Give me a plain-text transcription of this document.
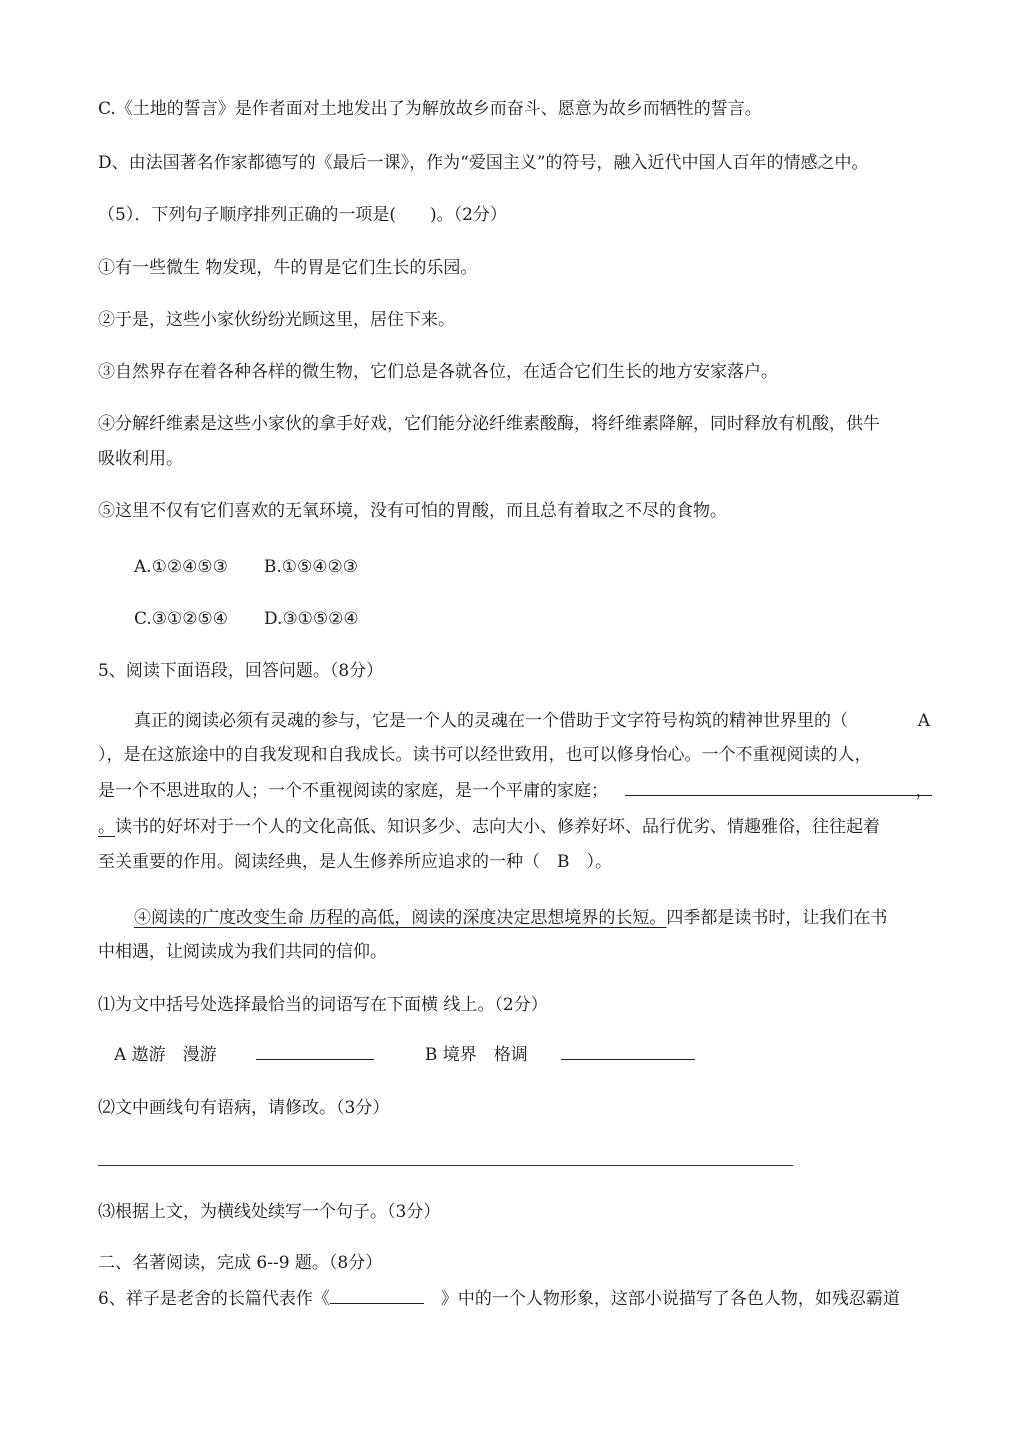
C.《土地的誓言》是作者面对土地发出了为解放故乡而奋斗、愿意为故乡而牺牲的誓言。
D、由法国著名作家都德写的《最后一课》，作为“爱国主义”的符号，融入近代中国人百年的情感之中。
（5）．下列句子顺序排列正确的一项是(　　)。（2分）
①有一些微生 物发现，牛的胃是它们生长的乐园。
②于是，这些小家伙纷纷光顾这里，居住下来。
③自然界存在着各种各样的微生物，它们总是各就各位，在适合它们生长的地方安家落户。
④分解纤维素是这些小家伙的拿手好戏，它们能分泌纤维素酸酶，将纤维素降解，同时释放有机酸，供牛
吸收利用。
⑤这里不仅有它们喜欢的无氧环境，没有可怕的胃酸，而且总有着取之不尽的食物。
A.①②④⑤③ B.①⑤④②③
C.③①②⑤④ D.③①⑤②④
5、阅读下面语段，回答问题。（8分）
真正的阅读必须有灵魂的参与，它是一个人的灵魂在一个借助于文字符号构筑的精神世界里的（	A
），是在这旅途中的自我发现和自我成长。读书可以经世致用，也可以修身怡心。一个不重视阅读的人，
是一个不思进取的人；一个不重视阅读的家庭，是一个平庸的家庭；	，
。读书的好坏对于一个人的文化高低、知识多少、志向大小、修养好坏、品行优劣、情趣雅俗，往往起着
至关重要的作用。阅读经典，是人生修养所应追求的一种（　B　）。
④阅读的广度改变生命 历程的高低，阅读的深度决定思想境界的长短。四季都是读书时，让我们在书
中相遇，让阅读成为我们共同的信仰。
⑴为文中括号处选择最恰当的词语写在下面横 线上。（2分）
A 遨游　漫游	B 境界　格调
⑵文中画线句有语病，请修改。（3分）
⑶根据上文，为横线处续写一个句子。（3分）
二、名著阅读，完成 6--9 题。（8分）
6、祥子是老舍的长篇代表作《　	》中的一个人物形象，这部小说描写了各色人物，如残忍霸道
